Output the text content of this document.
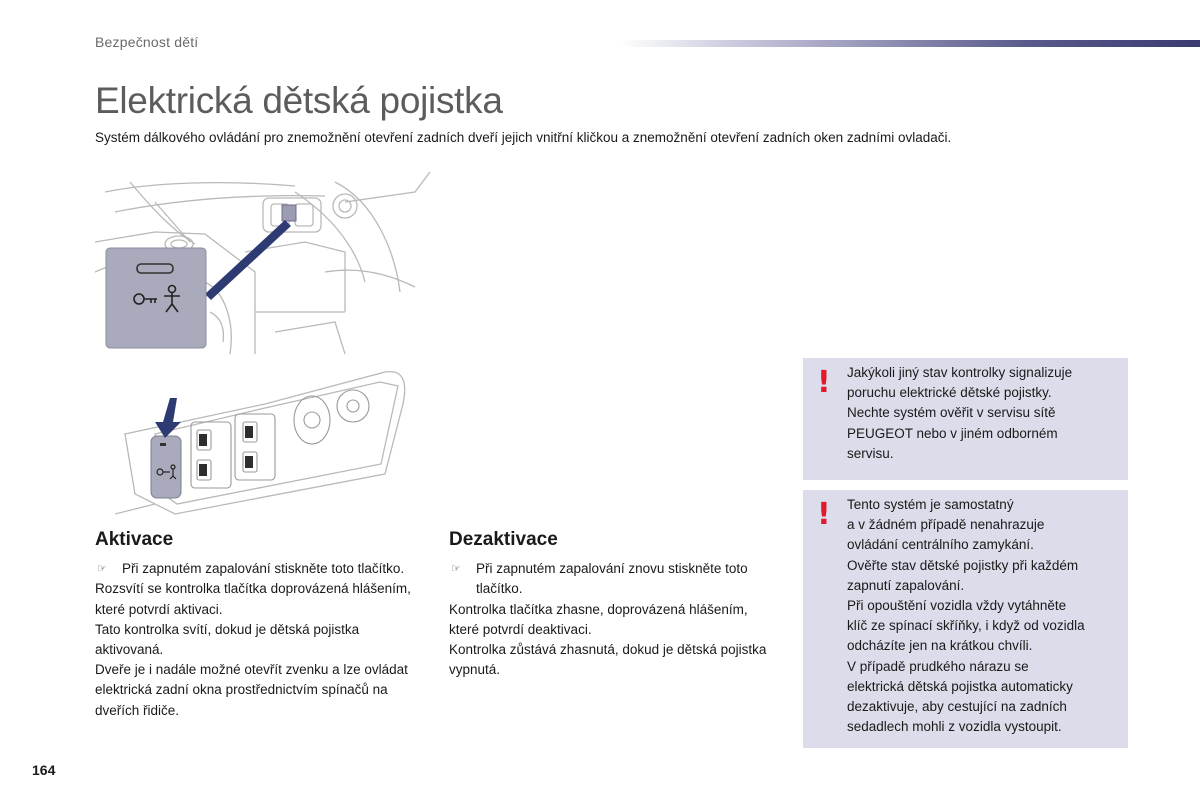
Bezpečnost dětí
Elektrická dětská pojistka

Systém dálkového ovládání pro znemožnění otevření zadních dveří jejich vnitřní kličkou a znemožnění otevření zadních oken zadními ovladači.

Aktivace
☞	Při zapnutém zapalování stiskněte toto tlačítko.

Rozsvítí se kontrolka tlačítka doprovázená hlášením, které potvrdí aktivaci.

Tato kontrolka svítí, dokud je dětská pojistka aktivovaná.

Dveře je i nadále možné otevřít zvenku a lze ovládat elektrická zadní okna prostřednictvím spínačů na dveřích řidiče.

Dezaktivace
☞	Při zapnutém zapalování znovu stiskněte toto tlačítko.

Kontrolka tlačítka zhasne, doprovázená hlášením, které potvrdí deaktivaci.

Kontrolka zůstává zhasnutá, dokud je dětská pojistka vypnutá.

! Jakýkoli jiný stav kontrolky signalizuje
poruchu elektrické dětské pojistky.
Nechte systém ověřit v servisu sítě
PEUGEOT nebo v jiném odborném
servisu.
! Tento systém je samostatný
a v žádném případě nenahrazuje
ovládání centrálního zamykání.
Ověřte stav dětské pojistky při každém
zapnutí zapalování.
Při opouštění vozidla vždy vytáhněte
klíč ze spínací skříňky, i když od vozidla
odcházíte jen na krátkou chvíli.
V případě prudkého nárazu se
elektrická dětská pojistka automaticky
dezaktivuje, aby cestující na zadních
sedadlech mohli z vozidla vystoupit.
164
